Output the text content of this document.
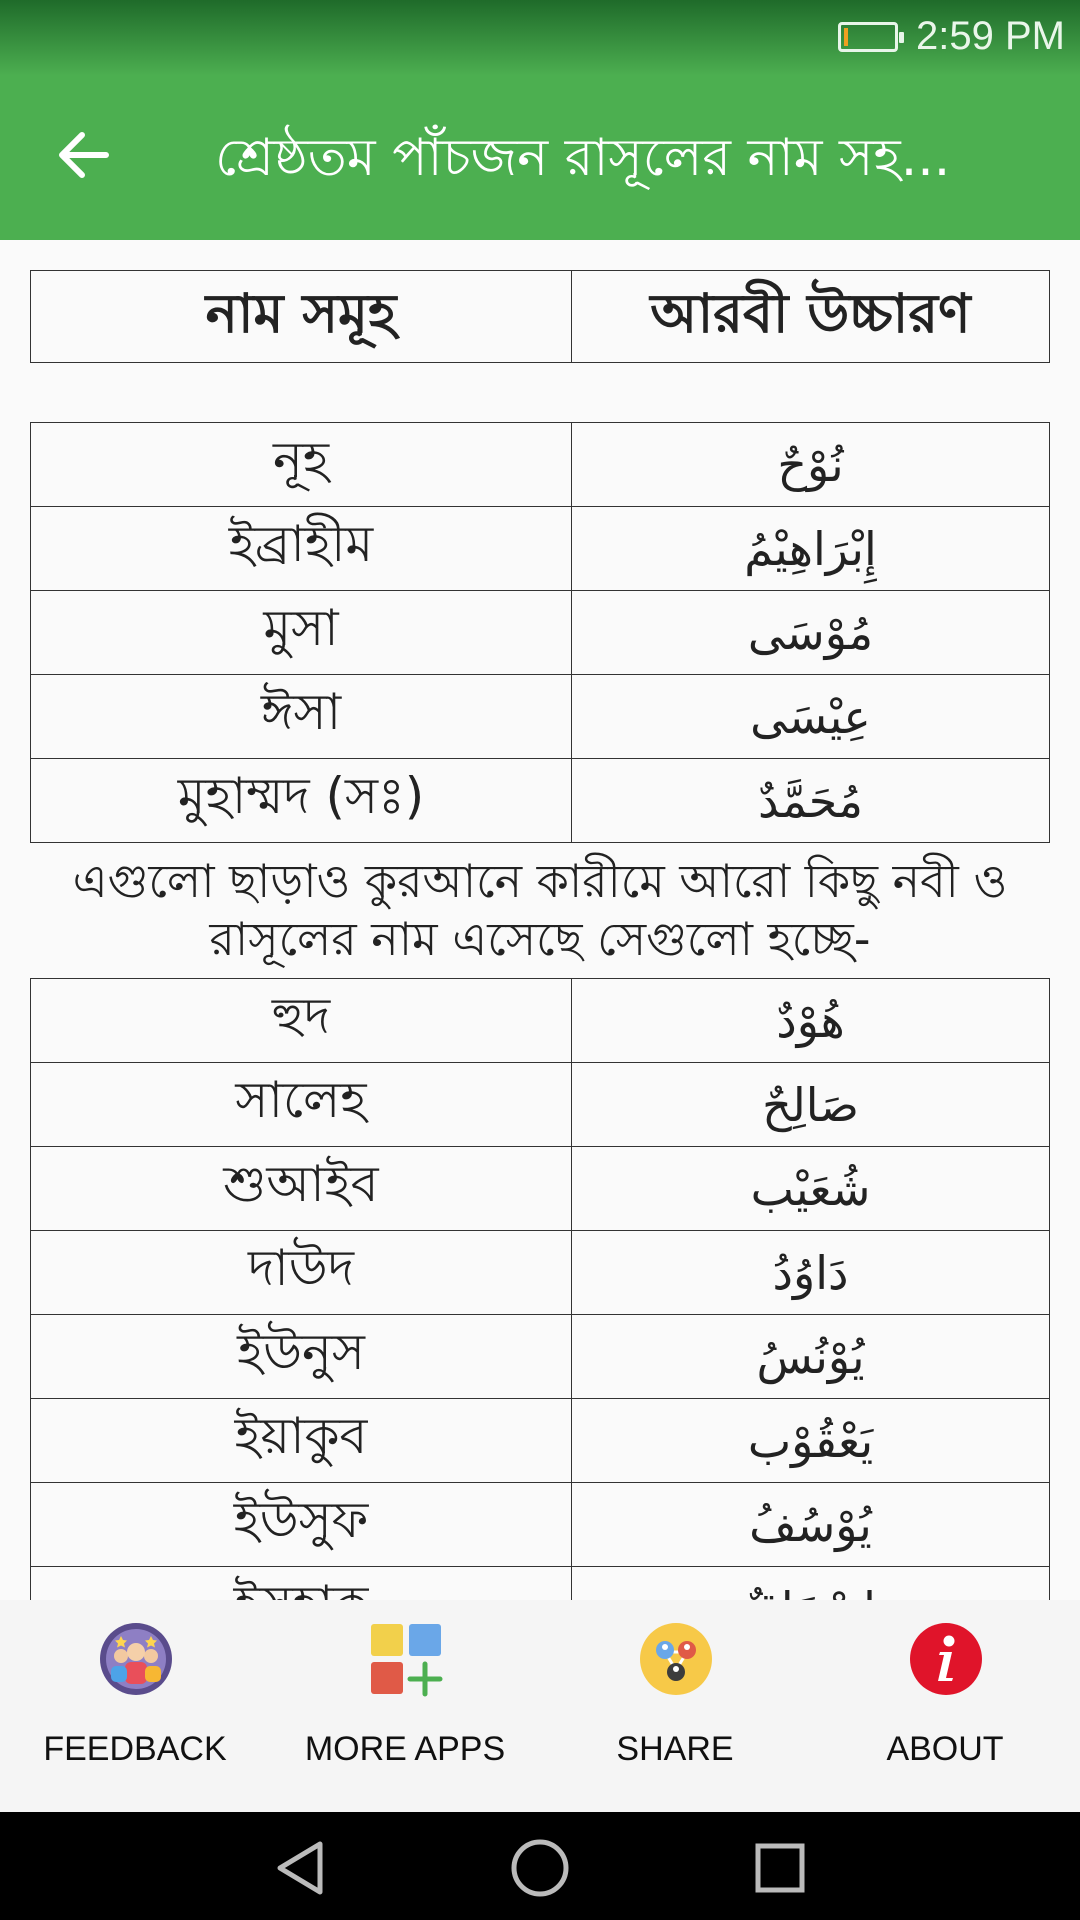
2:59 PM
শ্রেষ্ঠতম পাঁচজন রাসূলের নাম সহ...
নাম সমূহ	আরবী উচ্চারণ
নূহ	نُوْحٌ
ইব্রাহীম	إِبْرَاهِيْمُ
মুসা	مُوْسَى
ঈসা	عِيْسَى
মুহাম্মদ (সঃ)	مُحَمَّدٌ
এগুলো ছাড়াও কুরআনে কারীমে আরো কিছু নবী ও রাসূলের নাম এসেছে সেগুলো হচ্ছে-
হুদ	هُوْدٌ
সালেহ	صَالِحٌ
শুআইব	شُعَيْب
দাউদ	دَاوُدُ
ইউনুস	يُوْنُسُ
ইয়াকুব	يَعْقُوْب
ইউসুফ	يُوْسُفُ

FEEDBACK	MORE APPS	SHARE	ABOUT
